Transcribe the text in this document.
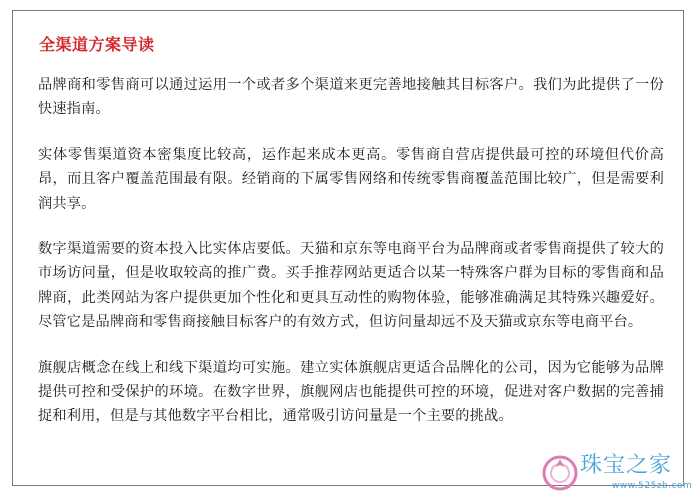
全渠道方案导读

品牌商和零售商可以通过运用一个或者多个渠道来更完善地接触其目标客户。我们为此提供了一份快速指南。

实体零售渠道资本密集度比较高，运作起来成本更高。零售商自营店提供最可控的环境但代价高昂，而且客户覆盖范围最有限。经销商的下属零售网络和传统零售商覆盖范围比较广，但是需要利润共享。

数字渠道需要的资本投入比实体店要低。天猫和京东等电商平台为品牌商或者零售商提供了较大的市场访问量，但是收取较高的推广费。买手推荐网站更适合以某一特殊客户群为目标的零售商和品牌商，此类网站为客户提供更加个性化和更具互动性的购物体验，能够准确满足其特殊兴趣爱好。尽管它是品牌商和零售商接触目标客户的有效方式，但访问量却远不及天猫或京东等电商平台。

旗舰店概念在线上和线下渠道均可实施。建立实体旗舰店更适合品牌化的公司，因为它能够为品牌提供可控和受保护的环境。在数字世界，旗舰网店也能提供可控的环境，促进对客户数据的完善捕捉和利用，但是与其他数字平台相比，通常吸引访问量是一个主要的挑战。

珠宝之家
www.525zb.com
